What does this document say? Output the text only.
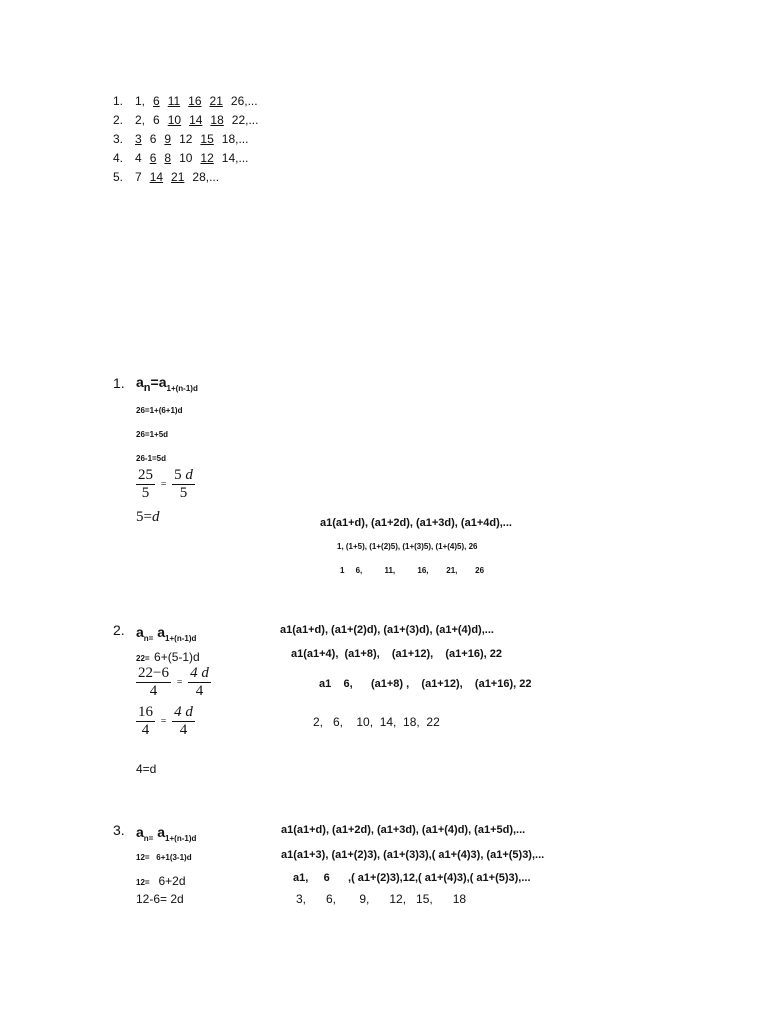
1. 1, 6 11 16 21 26,...
2. 2, 6 10 14 18 22,...
3. 3 6 9 12 15 18,...
4. 4 6 8 10 12 14,...
5. 7 14 21 28,...
1. $a_n=a_{1+(n-1)d}$
26=1+(6+1)d
26=1+5d
26-1=5d
$\frac{25}{5} = \frac{5 d}{5}$
5=d	a1(a1+d), (a1+2d), (a1+3d), (a1+4d),...
1, (1+5), (1+(2)5), (1+(3)5), (1+(4)5), 26
1     6,          11,          16,        21,        26
2. $a_{n=}$ $a_{1+(n-1)d}$
22= 6+(5-1)d
$\frac{22-6}{4} = \frac{4 d}{4}$
$\frac{16}{4} = \frac{4 d}{4}$
4=d
a1(a1+d), (a1+(2)d), (a1+(3)d), (a1+(4)d),...
a1(a1+4),  (a1+8),    (a1+12),    (a1+16), 22
a1    6,      (a1+8) ,    (a1+12),    (a1+16), 22
2,   6,    10,  14,  18,  22
3. $a_{n=}$ $a_{1+(n-1)d}$
12= 6+1(3-1)d
12= 6+2d
12-6= 2d
a1(a1+d), (a1+2d), (a1+3d), (a1+(4)d), (a1+5d),...
a1(a1+3), (a1+(2)3), (a1+(3)3),( a1+(4)3), (a1+(5)3),...
a1,     6      ,( a1+(2)3),12,( a1+(4)3),( a1+(5)3),...
3,      6,       9,      12,   15,      18
